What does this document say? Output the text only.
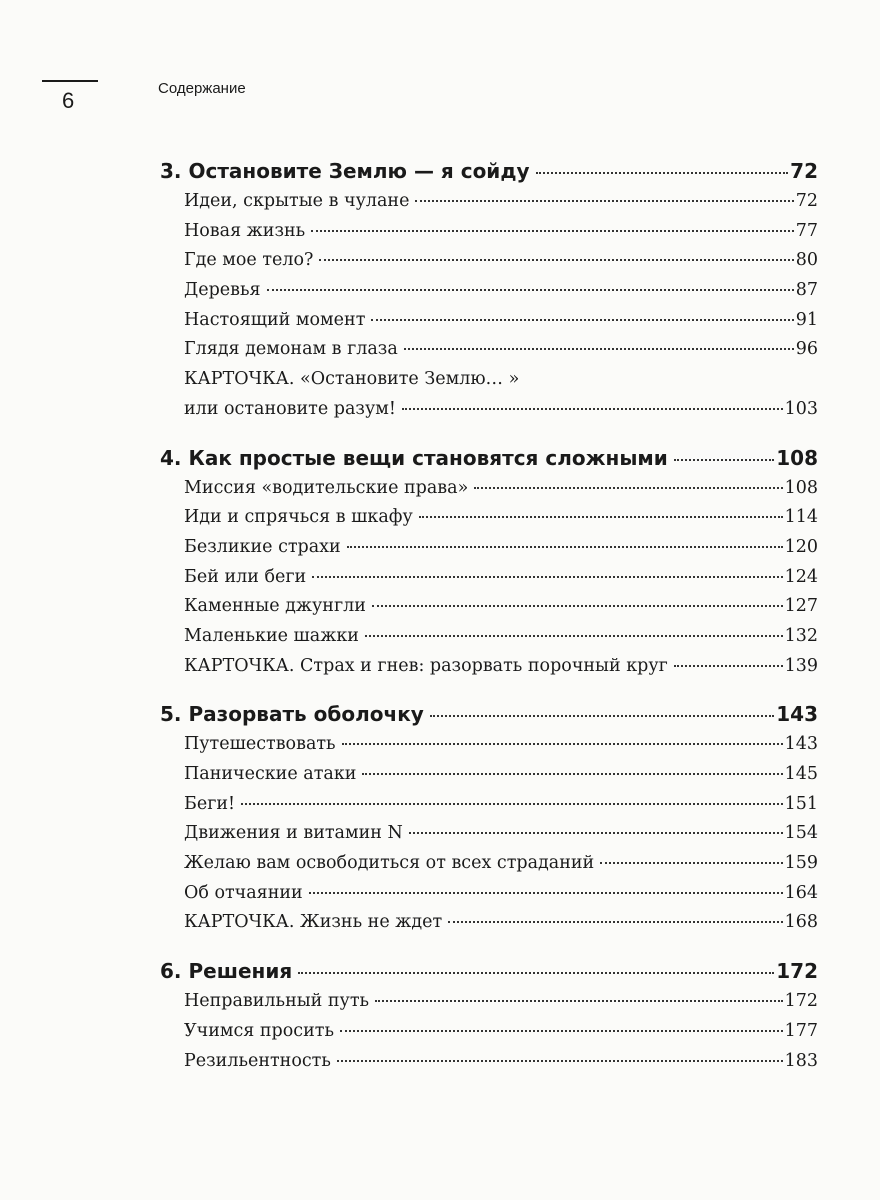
6	Содержание
3. Остановите Землю — я сойду	72
Идеи, скрытые в чулане	72
Новая жизнь	77
Где мое тело?	80
Деревья	87
Настоящий момент	91
Глядя демонам в глаза	96
КАРТОЧКА. «Остановите Землю… »
или остановите разум!	103
4. Как простые вещи становятся сложными	108
Миссия «водительские права»	108
Иди и спрячься в шкафу	114
Безликие страхи	120
Бей или беги	124
Каменные джунгли	127
Маленькие шажки	132
КАРТОЧКА. Страх и гнев: разорвать порочный круг	139
5. Разорвать оболочку	143
Путешествовать	143
Панические атаки	145
Беги!	151
Движения и витамин N	154
Желаю вам освободиться от всех страданий	159
Об отчаянии	164
КАРТОЧКА. Жизнь не ждет	168
6. Решения	172
Неправильный путь	172
Учимся просить	177
Резильентность	183
